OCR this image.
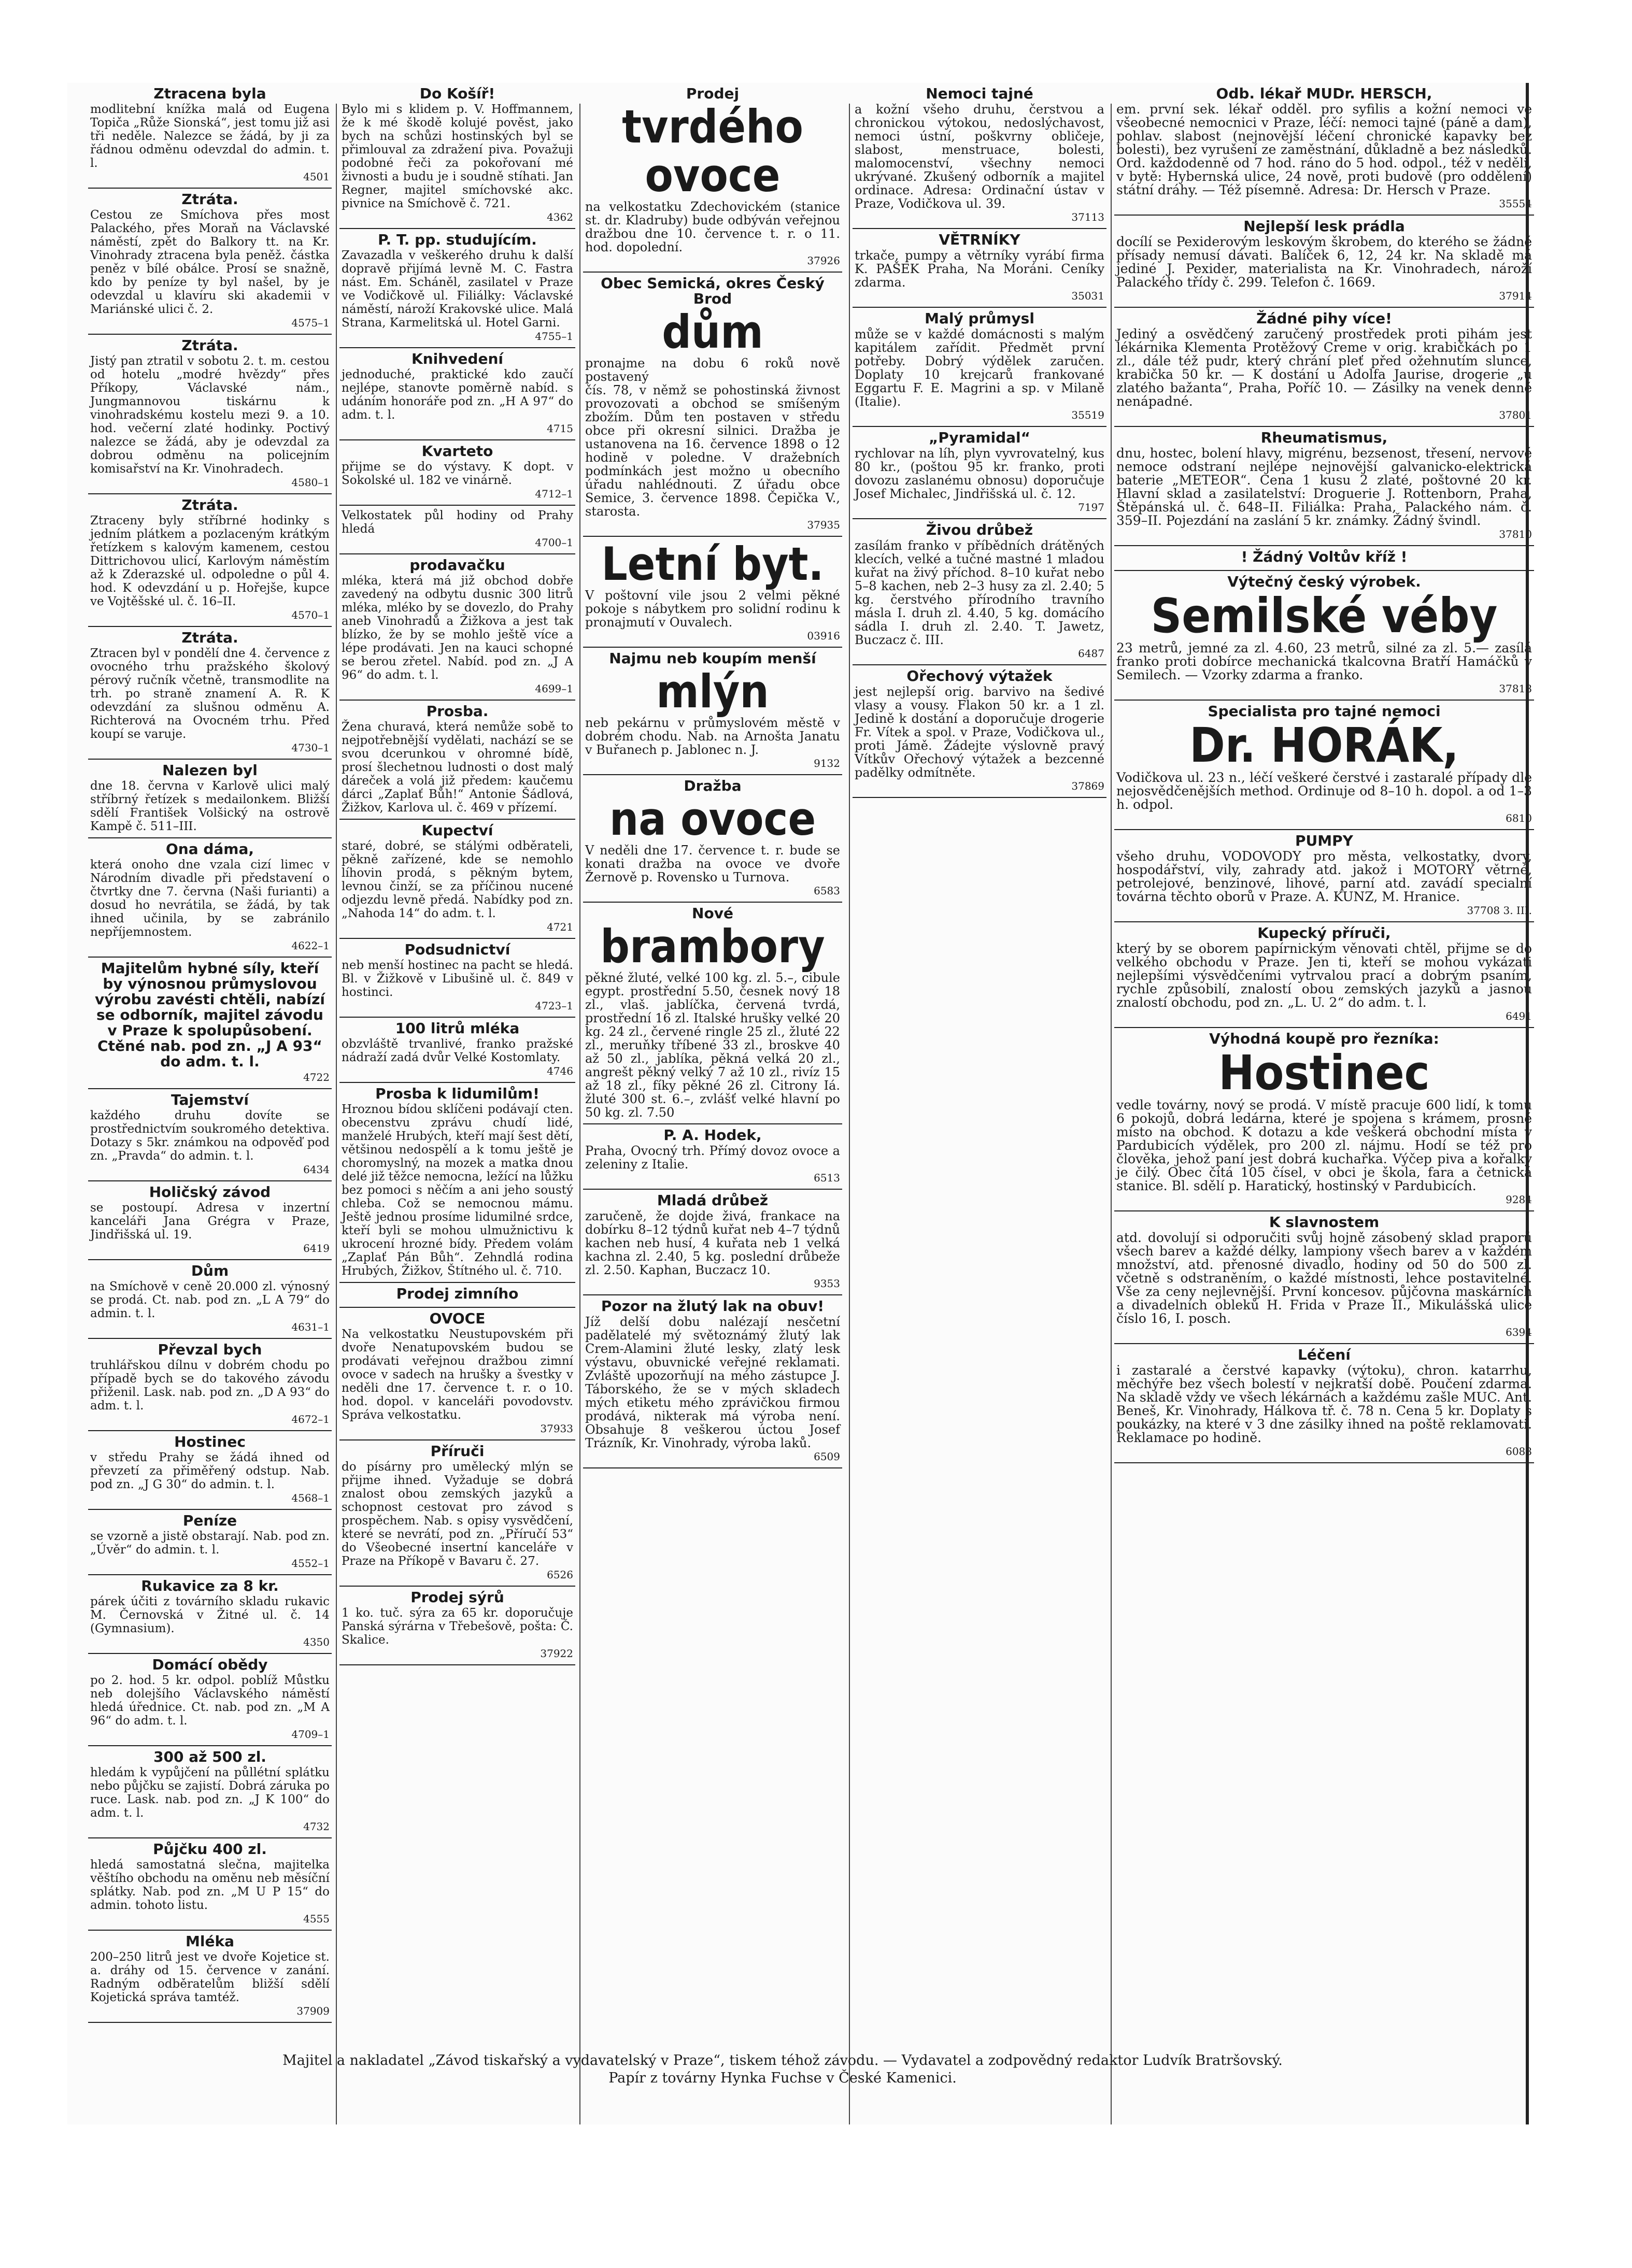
Ztracena byla

modlitební knížka malá od Eugena Topiča „Růže Sionská“, jest tomu již asi tři neděle. Nalezce se žádá, by ji za řádnou odměnu odevzdal do admin. t. l.

4501
Ztráta.

Cestou ze Smíchova přes most Palackého, přes Moraň na Václavské náměstí, zpět do Balkory tt. na Kr. Vinohrady ztracena byla peněž. částka peněz v bílé obálce. Prosí se snažně, kdo by peníze ty byl našel, by je odevzdal u klavíru ski akademii v Mariánské ulici č. 2.

4575–1
Ztráta.

Jistý pan ztratil v sobotu 2. t. m. cestou od hotelu „modré hvězdy“ přes Příkopy, Václavské nám., Jungmannovou tiskárnu k vinohradskému kostelu mezi 9. a 10. hod. večerní zlaté hodinky. Poctivý nalezce se žádá, aby je odevzdal za dobrou odměnu na policejním komisařství na Kr. Vinohradech.

4580–1
Ztráta.

Ztraceny byly stříbrné hodinky s jedním plátkem a pozlaceným krátkým řetízkem s kalovým kamenem, cestou Dittrichovou ulicí, Karlovým náměstím až k Zderazské ul. odpoledne o půl 4. hod. K odevzdání u p. Hořejše, kupce ve Vojtěšské ul. č. 16–II.

4570–1
Ztráta.

Ztracen byl v pondělí dne 4. července z ovocného trhu pražského školový pérový ručník včetně, transmodlite na trh. po straně znamení A. R. K odevzdání za slušnou odměnu A. Richterová na Ovocném trhu. Před koupí se varuje.

4730–1
Nalezen byl

dne 18. června v Karlově ulici malý stříbrný řetízek s medailonkem. Bližší sdělí František Volšický na ostrově Kampě č. 511–III.

Ona dáma,

která onoho dne vzala cizí limec v Národním divadle při představení o čtvrtky dne 7. června (Naši furianti) a dosud ho nevrátila, se žádá, by tak ihned učinila, by se zabránilo nepříjemnostem.

4622–1
Majitelům hybné síly, kteří by výnosnou průmyslovou výrobu zavésti chtěli, nabízí se odborník, majitel závodu v Praze k spolupůsobení. Ctěné nab. pod zn. „J A 93“ do adm. t. l.
4722
Tajemství

každého druhu dovíte se prostřednictvím soukromého detektiva. Dotazy s 5kr. známkou na odpověď pod zn. „Pravda“ do admin. t. l.

6434
Holičský závod

se postoupí. Adresa v inzertní kanceláři Jana Grégra v Praze, Jindřišská ul. 19.

6419
Dům

na Smíchově v ceně 20.000 zl. výnosný se prodá. Ct. nab. pod zn. „L A 79“ do admin. t. l.

4631–1
Převzal bych

truhlářskou dílnu v dobrém chodu po případě bych se do takového závodu přiženil. Lask. nab. pod zn. „D A 93“ do adm. t. l.

4672–1
Hostinec

v středu Prahy se žádá ihned od převzetí za přiměřený odstup. Nab. pod zn. „J G 30“ do admin. t. l.

4568–1
Peníze

se vzorně a jistě obstarají. Nab. pod zn. „Úvěr“ do admin. t. l.

4552–1
Rukavice za 8 kr.

párek účiti z továrního skladu rukavic M. Černovská v Žitné ul. č. 14 (Gymnasium).

4350
Domácí obědy

po 2. hod. 5 kr. odpol. poblíž Můstku neb dolejšího Václavského náměstí hledá úřednice. Ct. nab. pod zn. „M A 96“ do adm. t. l.

4709–1
300 až 500 zl.

hledám k vypůjčení na půllétní splátku nebo půjčku se zajistí. Dobrá záruka po ruce. Lask. nab. pod zn. „J K 100“ do adm. t. l.

4732
Půjčku 400 zl.

hledá samostatná slečna, majitelka věštího obchodu na oměnu neb měsíční splátky. Nab. pod zn. „M U P 15“ do admin. tohoto listu.

4555
Mléka

200–250 litrů jest ve dvoře Kojetice st. a. dráhy od 15. července v zanání. Radným odběratelům bližší sdělí Kojetická správa tamtéž.

37909
Do Košíř!

Bylo mi s klidem p. V. Hoffmannem, že k mé škodě kolujé pověst, jako bych na schůzi hostinských byl se přimlouval za zdražení piva. Považuji podobné řeči za pokořovaní mé živnosti a budu je i soudně stíhati. Jan Regner, majitel smíchovské akc. pivnice na Smíchově č. 721.

4362
P. T. pp. studujícím.

Zavazadla v veškerého druhu k další dopravě přijímá levně M. C. Fastra nást. Em. Scháněl, zasilatel v Praze ve Vodičkově ul. Filiálky: Václavské náměstí, nároží Krakovské ulice. Malá Strana, Karmelitská ul. Hotel Garni.

4755–1
Knihvedení

jednoduché, praktické kdo zaučí nejlépe, stanovte poměrně nabíd. s udáním honoráře pod zn. „H A 97“ do adm. t. l.

4715
Kvarteto

přijme se do výstavy. K dopt. v Sokolské ul. 182 ve vinárně.

4712–1

Velkostatek půl hodiny od Prahy hledá

4700–1
prodavačku

mléka, která má již obchod dobře zavedený na odbytu dusnic 300 litrů mléka, mléko by se dovezlo, do Prahy aneb Vinohradů a Žižkova a jest tak blízko, že by se mohlo ještě více a lépe prodávati. Jen na kauci schopné se berou zřetel. Nabíd. pod zn. „J A 96“ do adm. t. l.

4699–1
Prosba.

Žena churavá, která nemůže sobě to nejpotřebnější vydělati, nachází se se svou dcerunkou v ohromné bídě, prosí šlechetnou ludnosti o dost malý dáreček a volá již předem: kaučemu dárci „Zaplať Bůh!“ Antonie Šádlová, Žižkov, Karlova ul. č. 469 v přízemí.

Kupectví

staré, dobré, se stálými odběrateli, pěkně zařízené, kde se nemohlo líhovin prodá, s pěkným bytem, levnou činží, se za příčinou nucené odjezdu levně předá. Nabídky pod zn. „Nahoda 14“ do adm. t. l.

4721
Podsudnictví

neb menší hostinec na pacht se hledá. Bl. v Žižkově v Libušině ul. č. 849 v hostinci.

4723–1
100 litrů mléka

obzvláště trvanlivé, franko pražské nádraží zadá dvůr Velké Kostomlaty.

4746
Prosba k lidumilům!

Hroznou bídou sklíčeni podávají cten. obecenstvu zprávu chudí lidé, manželé Hrubých, kteří mají šest dětí, většinou nedospělí a k tomu ještě je choromyslný, na mozek a matka dnou delé již těžce nemocna, ležící na lůžku bez pomoci s něčím a ani jeho soustý chleba. Což se nemocnou mámu. Ještě jednou prosíme lidumilné srdce, kteří byli se mohou ulmužnictivu k ukrocení hrozné bídy. Předem volám „Zaplať Pán Bůh“. Zehndlá rodina Hrubých, Žižkov, Štítného ul. č. 710.

Prodej zimního
OVOCE

Na velkostatku Neustupovském při dvoře Nenatupovském budou se prodávati veřejnou dražbou zimní ovoce v sadech na hrušky a švestky v neděli dne 17. července t. r. o 10. hod. dopol. v kanceláři povodovstv. Správa velkostatku.

37933
Příruči

do písárny pro umělecký mlýn se přijme ihned. Vyžaduje se dobrá znalost obou zemských jazyků a schopnost cestovat pro závod s prospěchem. Nab. s opisy vysvědčení, které se nevrátí, pod zn. „Příručí 53“ do Všeobecné insertní kanceláře v Praze na Příkopě v Bavaru č. 27.

6526
Prodej sýrů

1 ko. tuč. sýra za 65 kr. doporučuje Panská sýrárna v Třebešově, pošta: Č. Skalice.

37922
Prodej
tvrdého ovoce

na velkostatku Zdechovickém (stanice st. dr. Kladruby) bude odbýván veřejnou dražbou dne 10. července t. r. o 11. hod. dopolední.

37926
Obec Semická, okres Český Brod
dům

pronajme na dobu 6 roků nově postavený

čís. 78, v němž se pohostinská živnost provozovati a obchod se smíšeným zbožím. Dům ten postaven v středu obce při okresní silnici. Dražba je ustanovena na 16. července 1898 o 12 hodině v poledne. V dražebních podmínkách jest možno u obecního úřadu nahlédnouti. Z úřadu obce Semice, 3. července 1898. Čepička V., starosta.

37935
Letní byt.

V poštovní vile jsou 2 velmi pěkné pokoje s nábytkem pro solidní rodinu k pronajmutí v Ouvalech.

03916
Najmu neb koupím menší
mlýn

neb pekárnu v průmyslovém městě v dobrém chodu. Nab. na Arnošta Janatu v Buřanech p. Jablonec n. J.

9132
Dražba
na ovoce

V neděli dne 17. července t. r. bude se konati dražba na ovoce ve dvoře Žernově p. Rovensko u Turnova.

6583
Nové
brambory

pěkné žluté, velké 100 kg. zl. 5.–, cibule egypt. prostřední 5.50, česnek nový 18 zl., vlaš. jablíčka, červená tvrdá, prostřední 16 zl. Italské hrušky velké 20 kg. 24 zl., červené ringle 25 zl., žluté 22 zl., meruňky tříbené 33 zl., broskve 40 až 50 zl., jablíka, pěkná velká 20 zl., angrešt pěkný velký 7 až 10 zl., rivíz 15 až 18 zl., fíky pěkné 26 zl. Citrony Iá. žluté 300 st. 6.–, zvlášť velké hlavní po 50 kg. zl. 7.50

P. A. Hodek,

Praha, Ovocný trh. Přímý dovoz ovoce a zeleniny z Italie.

6513
Mladá drůbež

zaručeně, že dojde živá, frankace na dobírku 8–12 týdnů kuřat neb 4–7 týdnů kachen neb husí, 4 kuřata neb 1 velká kachna zl. 2.40, 5 kg. poslední drůbeže zl. 2.50. Kaphan, Buczacz 10.

9353
Pozor na žlutý lak na obuv!

Jíž delší dobu nalézají nesčetní padělatelé mý světoznámý žlutý lak Crem-Alamini žluté lesky, zlatý lesk výstavu, obuvnické veřejné reklamati. Zvláště upozorňují na mého zástupce J. Táborského, že se v mých skladech mých etiketu mého zprávičkou firmou prodává, nikterak má výroba není. Obsahuje 8 veškerou úctou Josef Trázník, Kr. Vinohrady, výroba laků.

6509
Nemoci tajné

a kožní všeho druhu, čerstvou a chronickou výtokou, nedoslýchavost, nemoci ústní, poškvrny obličeje, slabost, menstruace, bolesti, malomocenství, všechny nemoci ukrývané. Zkušený odborník a majitel ordinace. Adresa: Ordinační ústav v Praze, Vodičkova ul. 39.

37113
VĚTRNÍKY

trkače, pumpy a větrníky vyrábí firma K. PAŠEK Praha, Na Moráni. Ceníky zdarma.

35031
Malý průmysl

může se v každé domácnosti s malým kapitálem zařídit. Předmět první potřeby. Dobrý výdělek zaručen. Doplaty 10 krejcarů frankované Eggartu F. E. Magrini a sp. v Milaně (Italie).

35519
„Pyramidal“

rychlovar na líh, plyn vyvrovatelný, kus 80 kr., (poštou 95 kr. franko, proti dovozu zaslanému obnosu) doporučuje Josef Michalec, Jindřišská ul. č. 12.

7197
Živou drůbež

zasílám franko v příbědních drátěných klecích, velké a tučné mastné 1 mladou kuřat na živý příchod. 8–10 kuřat nebo 5–8 kachen, neb 2–3 husy za zl. 2.40; 5 kg. čerstvého přírodního travního másla I. druh zl. 4.40, 5 kg. domácího sádla I. druh zl. 2.40. T. Jawetz, Buczacz č. III.

6487
Ořechový výtažek

jest nejlepší orig. barvivo na šedivé vlasy a vousy. Flakon 50 kr. a 1 zl. Jedině k dostání a doporučuje drogerie Fr. Vítek a spol. v Praze, Vodičkova ul., proti Jámě. Žádejte výslovně pravý Vítkův Ořechový výtažek a bezcenné padělky odmítněte.

37869
Odb. lékař MUDr. HERSCH,

em. první sek. lékař odděl. pro syfilis a kožní nemoci ve všeobecné nemocnici v Praze, léčí: nemoci tajné (páně a dam), pohlav. slabost (nejnovější léčení chronické kapavky bez bolesti), bez vyrušení ze zaměstnání, důkladně a bez následků. Ord. každodenně od 7 hod. ráno do 5 hod. odpol., též v neděli, v bytě: Hybernská ulice, 24 nově, proti budově (pro oddělení) státní dráhy. — Též písemně. Adresa: Dr. Hersch v Praze.

35554
Nejlepší lesk prádla

docílí se Pexiderovým leskovým škrobem, do kterého se žádné přísady nemusí dávati. Balíček 6, 12, 24 kr. Na skladě má jediné J. Pexider, materialista na Kr. Vinohradech, nároží Palackého třídy č. 299. Telefon č. 1669.

37914
Žádné pihy více!

Jediný a osvědčený zaručený prostředek proti pihám jest lékárnika Klementa Protěžový Creme v orig. krabičkách po 1 zl., dále též pudr, který chrání pleť před ožehnutím slunce, krabička 50 kr. — K dostání u Adolfa Jaurise, drogerie „u zlatého bažanta“, Praha, Poříč 10. — Zásilky na venek denně nenápadné.

37801
Rheumatismus,

dnu, hostec, bolení hlavy, migrénu, bezsenost, třesení, nervové nemoce odstraní nejlépe nejnovější galvanicko-elektrická baterie „METEOR“. Cena 1 kusu 2 zlaté, poštovné 20 kr. Hlavní sklad a zasilatelství: Droguerie J. Rottenborn, Praha, Štěpánská ul. č. 648–II. Filiálka: Praha, Palackého nám. č. 359–II. Pojezdání na zaslání 5 kr. známky. Žádný švindl.

37810
! Žádný Voltův kříž !
Výtečný český výrobek.
Semilské véby

23 metrů, jemné za zl. 4.60, 23 metrů, silné za zl. 5.— zasílá franko proti dobírce mechanická tkalcovna Bratří Hamáčků v Semilech. — Vzorky zdarma a franko.

37818
Specialista pro tajné nemoci
Dr. HORÁK,

Vodičkova ul. 23 n., léčí veškeré čerstvé i zastaralé případy dle nejosvědčenějších method. Ordinuje od 8–10 h. dopol. a od 1–3 h. odpol.

6810
PUMPY

všeho druhu, VODOVODY pro města, velkostatky, dvory, hospodářství, vily, zahrady atd. jakož i MOTORY větrné, petrolejové, benzinové, lihové, parní atd. zavádí specialní továrna těchto oborů v Praze. A. KUNZ, M. Hranice.

37708 3. III.
Kupecký příruči,

který by se oborem papírnickým věnovati chtěl, přijme se do velkého obchodu v Praze. Jen ti, kteří se mohou vykázati nejlepšími výsvědčeními vytrvalou prací a dobrým psaním, rychle způsobilí, znalostí obou zemských jazyků a jasnou znalostí obchodu, pod zn. „L. U. 2“ do adm. t. l.

6491
Výhodná koupě pro řezníka:
Hostinec

vedle továrny, nový se prodá. V místě pracuje 600 lidí, k tomu 6 pokojů, dobrá ledárna, které je spojena s krámem, prosné místo na obchod. K dotazu a kde veškerá obchodní místa v Pardubicích výdělek, pro 200 zl. nájmu. Hodí se též pro člověka, jehož paní jest dobrá kuchařka. Výčep piva a kořalky je čilý. Obec čítá 105 čísel, v obci je škola, fara a četnická stanice. Bl. sdělí p. Haratický, hostinský v Pardubicích.

9284
K slavnostem

atd. dovolují si odporučiti svůj hojně zásobený sklad praporů všech barev a každé délky, lampiony všech barev a v každém množství, atd. přenosné divadlo, hodiny od 50 do 500 zl. včetně s odstraněním, o každé místnosti, lehce postavitelné. Vše za ceny nejlevnější. První koncesov. půjčovna maskárních a divadelních obleků H. Frida v Praze II., Mikulášská ulice číslo 16, I. posch.

6394
Léčení

i zastaralé a čerstvé kapavky (výtoku), chron. katarrhu, měchýře bez všech bolestí v nejkratší době. Poučení zdarma. Na skladě vždy ve všech lékárnách a každému zašle MUC. Ant. Beneš, Kr. Vinohrady, Hálkova tř. č. 78 n. Cena 5 kr. Doplaty s poukázky, na které v 3 dne zásilky ihned na poště reklamovati. Reklamace po hodině.

6088
Majitel a nakladatel „Závod tiskařský a vydavatelský v Praze“, tiskem téhož závodu. — Vydavatel a zodpovědný redaktor Ludvík Bratršovský.
Papír z továrny Hynka Fuchse v České Kamenici.
